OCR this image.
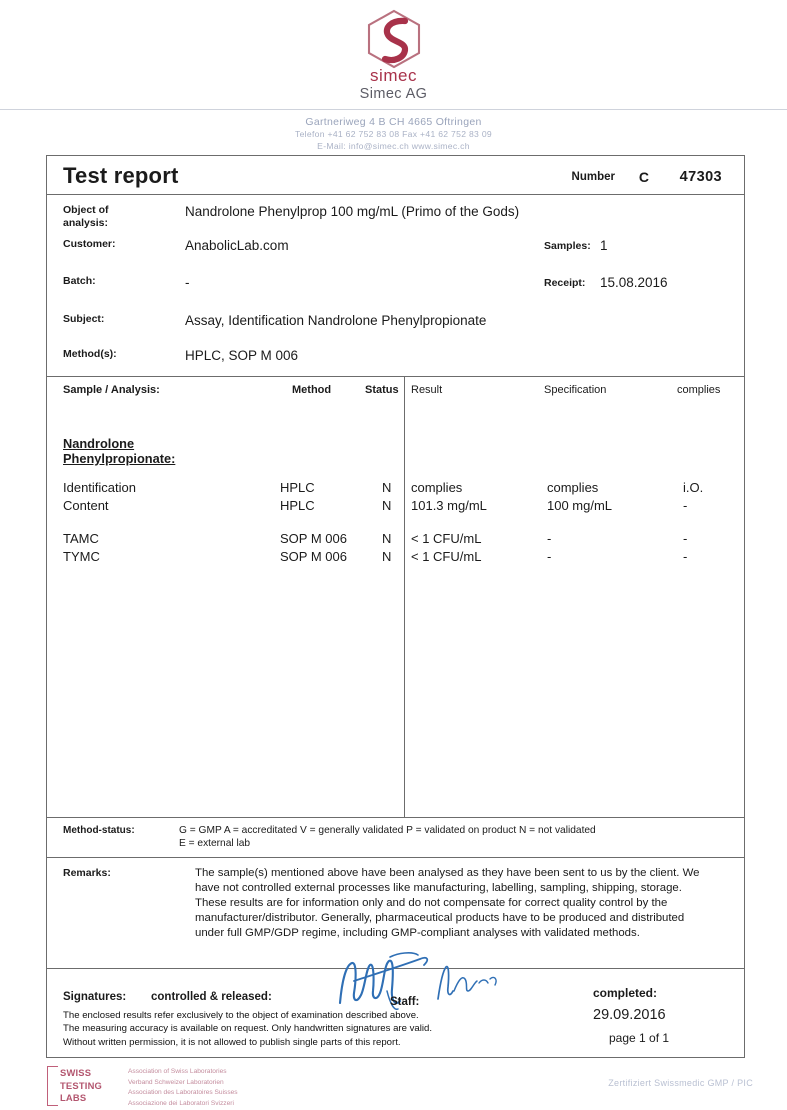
simec
Simec AG
Gartneriweg 4 B CH 4665 Oftringen
Telefon +41 62 752 83 08 Fax +41 62 752 83 09
E-Mail: info@simec.ch www.simec.ch
Test report	Number C 47303
Object of
analysis:
Nandrolone Phenylprop 100 mg/mL (Primo of the Gods)
Customer:	AnabolicLab.com	Samples: 1
Batch:	-	Receipt: 15.08.2016
Subject:	Assay, Identification Nandrolone Phenylpropionate
Method(s):	HPLC, SOP M 006
Sample / Analysis:	Method	Status Result	Specification	complies
Nandrolone
Phenylpropionate:
Identification	HPLC	N complies	complies	i.O.
Content	HPLC	N 101.3 mg/mL	100 mg/mL	-
TAMC	SOP M 006	N < 1 CFU/mL	-	-
TYMC	SOP M 006	N < 1 CFU/mL	-	-
Method-status:	G = GMP A = accreditated V = generally validated P = validated on product N = not validated
E = external lab
Remarks:	The sample(s) mentioned above have been analysed as they have been sent to us by the client. We have not controlled external processes like manufacturing, labelling, sampling, shipping, storage. These results are for information only and do not compensate for correct quality control by the manufacturer/distributor. Generally, pharmaceutical products have to be produced and distributed under full GMP/GDP regime, including GMP-compliant analyses with validated methods.
Signatures: controlled & released:	Staff:
completed:
29.09.2016
page 1 of 1
The enclosed results refer exclusively to the object of examination described above.
The measuring accuracy is available on request. Only handwritten signatures are valid.
Without written permission, it is not allowed to publish single parts of this report.
SWISS
TESTING
LABS
Association of Swiss Laboratories
Verband Schweizer Laboratorien
Association des Laboratoires Suisses
Associazione dei Laboratori Svizzeri
Zertifiziert Swissmedic GMP / PIC
